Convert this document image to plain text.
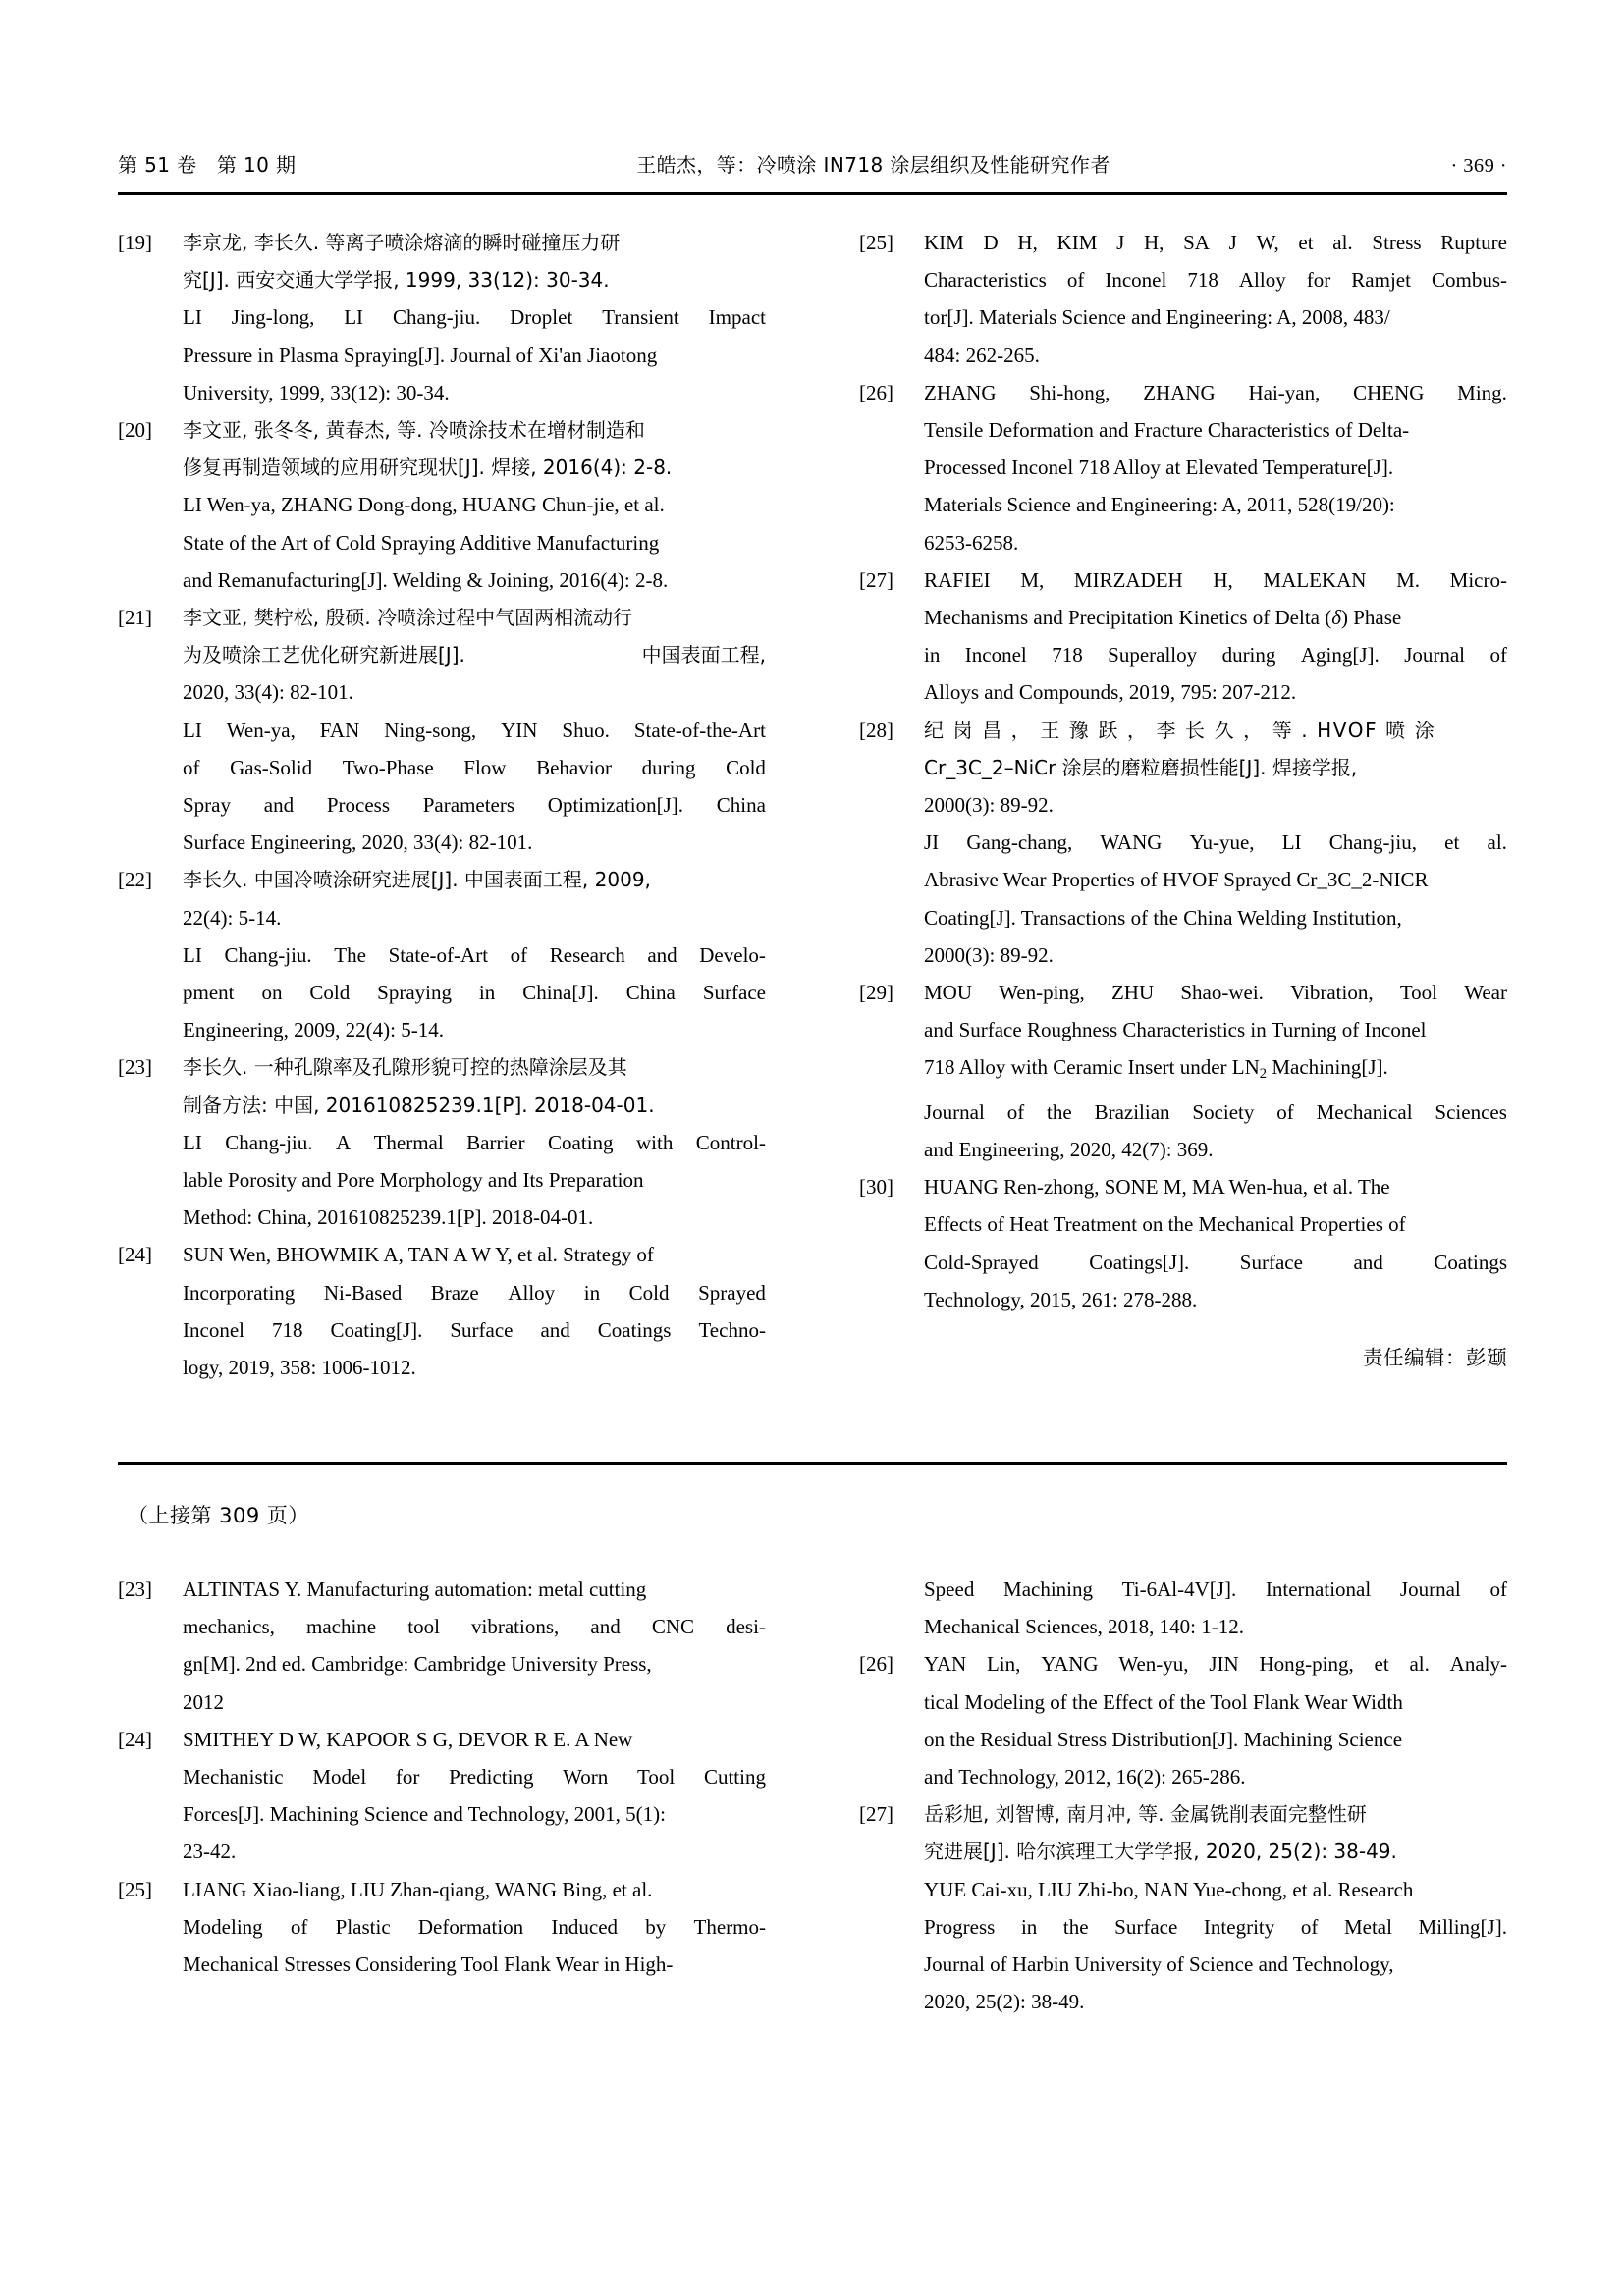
第 51 卷   第 10 期	王皓杰，等：冷喷涂 IN718 涂层组织及性能研究作者	· 369 ·
[19]	李京龙, 李长久. 等离子喷涂熔滴的瞬时碰撞压力研
究[J]. 西安交通大学学报, 1999, 33(12): 30-34.
LI Jing-long, LI Chang-jiu. Droplet Transient Impact
Pressure in Plasma Spraying[J]. Journal of Xi'an Jiaotong
University, 1999, 33(12): 30-34.
[20]	李文亚, 张冬冬, 黄春杰, 等. 冷喷涂技术在增材制造和
修复再制造领域的应用研究现状[J]. 焊接, 2016(4): 2-8.
LI Wen-ya, ZHANG Dong-dong, HUANG Chun-jie, et al.
State of the Art of Cold Spraying Additive Manufacturing
and Remanufacturing[J]. Welding & Joining, 2016(4): 2-8.
[21]	李文亚, 樊柠松, 殷硕. 冷喷涂过程中气固两相流动行
为及喷涂工艺优化研究新进展[J].	中国表面工程,
2020, 33(4): 82-101.
LI Wen-ya, FAN Ning-song, YIN Shuo. State-of-the-Art
of Gas-Solid Two-Phase Flow Behavior during Cold
Spray and Process Parameters Optimization[J]. China
Surface Engineering, 2020, 33(4): 82-101.
[22]	李长久. 中国冷喷涂研究进展[J]. 中国表面工程, 2009,
22(4): 5-14.
LI Chang-jiu. The State-of-Art of Research and Develo-
pment on Cold Spraying in China[J]. China Surface
Engineering, 2009, 22(4): 5-14.
[23]	李长久. 一种孔隙率及孔隙形貌可控的热障涂层及其
制备方法: 中国, 201610825239.1[P]. 2018-04-01.
LI Chang-jiu. A Thermal Barrier Coating with Control-
lable Porosity and Pore Morphology and Its Preparation
Method: China, 201610825239.1[P]. 2018-04-01.
[24]	SUN Wen, BHOWMIK A, TAN A W Y, et al. Strategy of
Incorporating Ni-Based Braze Alloy in Cold Sprayed
Inconel 718 Coating[J]. Surface and Coatings Techno-
logy, 2019, 358: 1006-1012.
[25]	KIM D H, KIM J H, SA J W, et al. Stress Rupture
Characteristics of Inconel 718 Alloy for Ramjet Combus-
tor[J]. Materials Science and Engineering: A, 2008, 483/
484: 262-265.
[26]	ZHANG Shi-hong, ZHANG Hai-yan, CHENG Ming.
Tensile Deformation and Fracture Characteristics of Delta-
Processed Inconel 718 Alloy at Elevated Temperature[J].
Materials Science and Engineering: A, 2011, 528(19/20):
6253-6258.
[27]	RAFIEI M, MIRZADEH H, MALEKAN M. Micro-
Mechanisms and Precipitation Kinetics of Delta (δ) Phase
in Inconel 718 Superalloy during Aging[J]. Journal of
Alloys and Compounds, 2019, 795: 207-212.
[28]	纪 岗 昌 ， 王 豫 跃 ， 李 长 久 ， 等 . HVOF 喷 涂
Cr_3C_2–NiCr 涂层的磨粒磨损性能[J]. 焊接学报,
2000(3): 89-92.
JI Gang-chang, WANG Yu-yue, LI Chang-jiu, et al.
Abrasive Wear Properties of HVOF Sprayed Cr_3C_2-NICR
Coating[J]. Transactions of the China Welding Institution,
2000(3): 89-92.
[29]	MOU Wen-ping, ZHU Shao-wei. Vibration, Tool Wear
and Surface Roughness Characteristics in Turning of Inconel
718 Alloy with Ceramic Insert under $LN_2$ Machining[J].
Journal of the Brazilian Society of Mechanical Sciences
and Engineering, 2020, 42(7): 369.
[30]	HUANG Ren-zhong, SONE M, MA Wen-hua, et al. The
Effects of Heat Treatment on the Mechanical Properties of
Cold-Sprayed Coatings[J]. Surface and Coatings
Technology, 2015, 261: 278-288.
责任编辑：彭颋
（上接第 309 页）
[23]	ALTINTAS Y. Manufacturing automation: metal cutting
mechanics, machine tool vibrations, and CNC desi-
gn[M]. 2nd ed. Cambridge: Cambridge University Press,
2012
[24]	SMITHEY D W, KAPOOR S G, DEVOR R E. A New
Mechanistic Model for Predicting Worn Tool Cutting
Forces[J]. Machining Science and Technology, 2001, 5(1):
23-42.
[25]	LIANG Xiao-liang, LIU Zhan-qiang, WANG Bing, et al.
Modeling of Plastic Deformation Induced by Thermo-
Mechanical Stresses Considering Tool Flank Wear in High-
Speed Machining Ti-6Al-4V[J]. International Journal of
Mechanical Sciences, 2018, 140: 1-12.
[26]	YAN Lin, YANG Wen-yu, JIN Hong-ping, et al. Analy-
tical Modeling of the Effect of the Tool Flank Wear Width
on the Residual Stress Distribution[J]. Machining Science
and Technology, 2012, 16(2): 265-286.
[27]	岳彩旭, 刘智博, 南月冲, 等. 金属铣削表面完整性研
究进展[J]. 哈尔滨理工大学学报, 2020, 25(2): 38-49.
YUE Cai-xu, LIU Zhi-bo, NAN Yue-chong, et al. Research
Progress in the Surface Integrity of Metal Milling[J].
Journal of Harbin University of Science and Technology,
2020, 25(2): 38-49.
